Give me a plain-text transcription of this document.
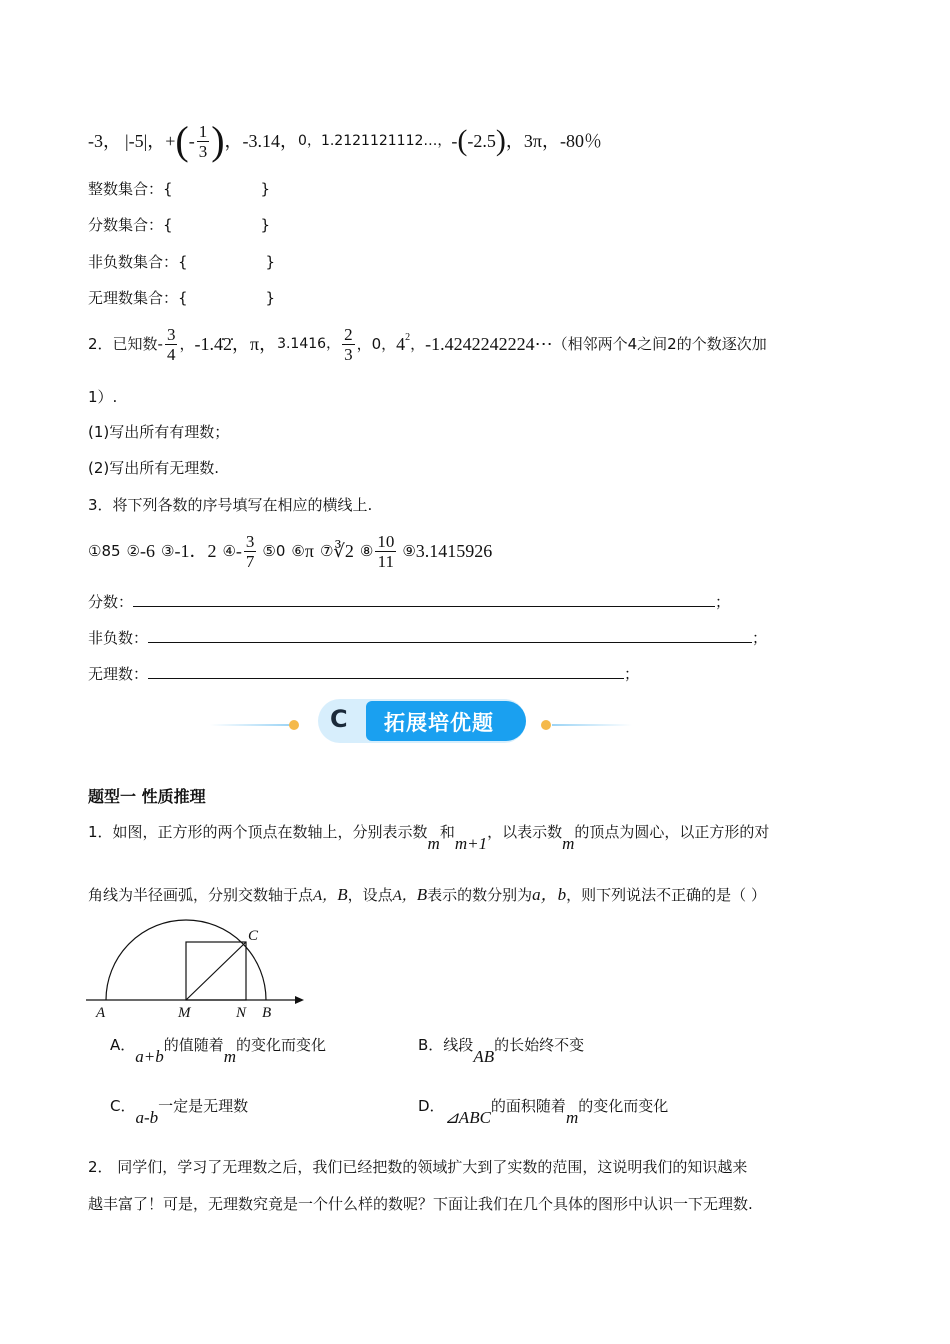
-3， | -5 | ， + ( - $\frac{1}{3}$ ) ，-3.14， 0， 1.2121121112…， - ( -2.5 ) ，3π，-80％
整数集合：{	}
分数集合：{	}
非负数集合：{	}
无理数集合：{	}
2．已知数- $\frac{3}{4}$ ， -1.4̇2̇ ，π， 3.1416， $\frac{2}{3}$ ，0， $4^2$ ， -1.4242242224⋯ （相邻两个4之间2的个数逐次加
1）.
(1)写出所有有理数；
(2)写出所有无理数.
3．将下列各数的序号填写在相应的横线上.
①85 ② -6 ③ -1．2 ④ - $\frac{3}{7}$ ⑤0 ⑥ π ⑦ ∛2 ⑧ $\frac{10}{11}$ ⑨ 3.1415926
分数：	；
非负数：	；
无理数：	；
C 拓展培优题
题型一 性质推理
1．如图，正方形的两个顶点在数轴上，分别表示数m和m+1，以表示数m的顶点为圆心，以正方形的对
角线为半径画弧，分别交数轴于点A，B，设点A，B表示的数分别为a，b，则下列说法不正确的是（ ）
C
A	M	N B
A．a+b的值随着m的变化而变化	B．线段AB的长始终不变
C．a-b一定是无理数	D．⊿ABC的面积随着m的变化而变化
2． 同学们，学习了无理数之后，我们已经把数的领域扩大到了实数的范围，这说明我们的知识越来
越丰富了！可是，无理数究竟是一个什么样的数呢？下面让我们在几个具体的图形中认识一下无理数.
